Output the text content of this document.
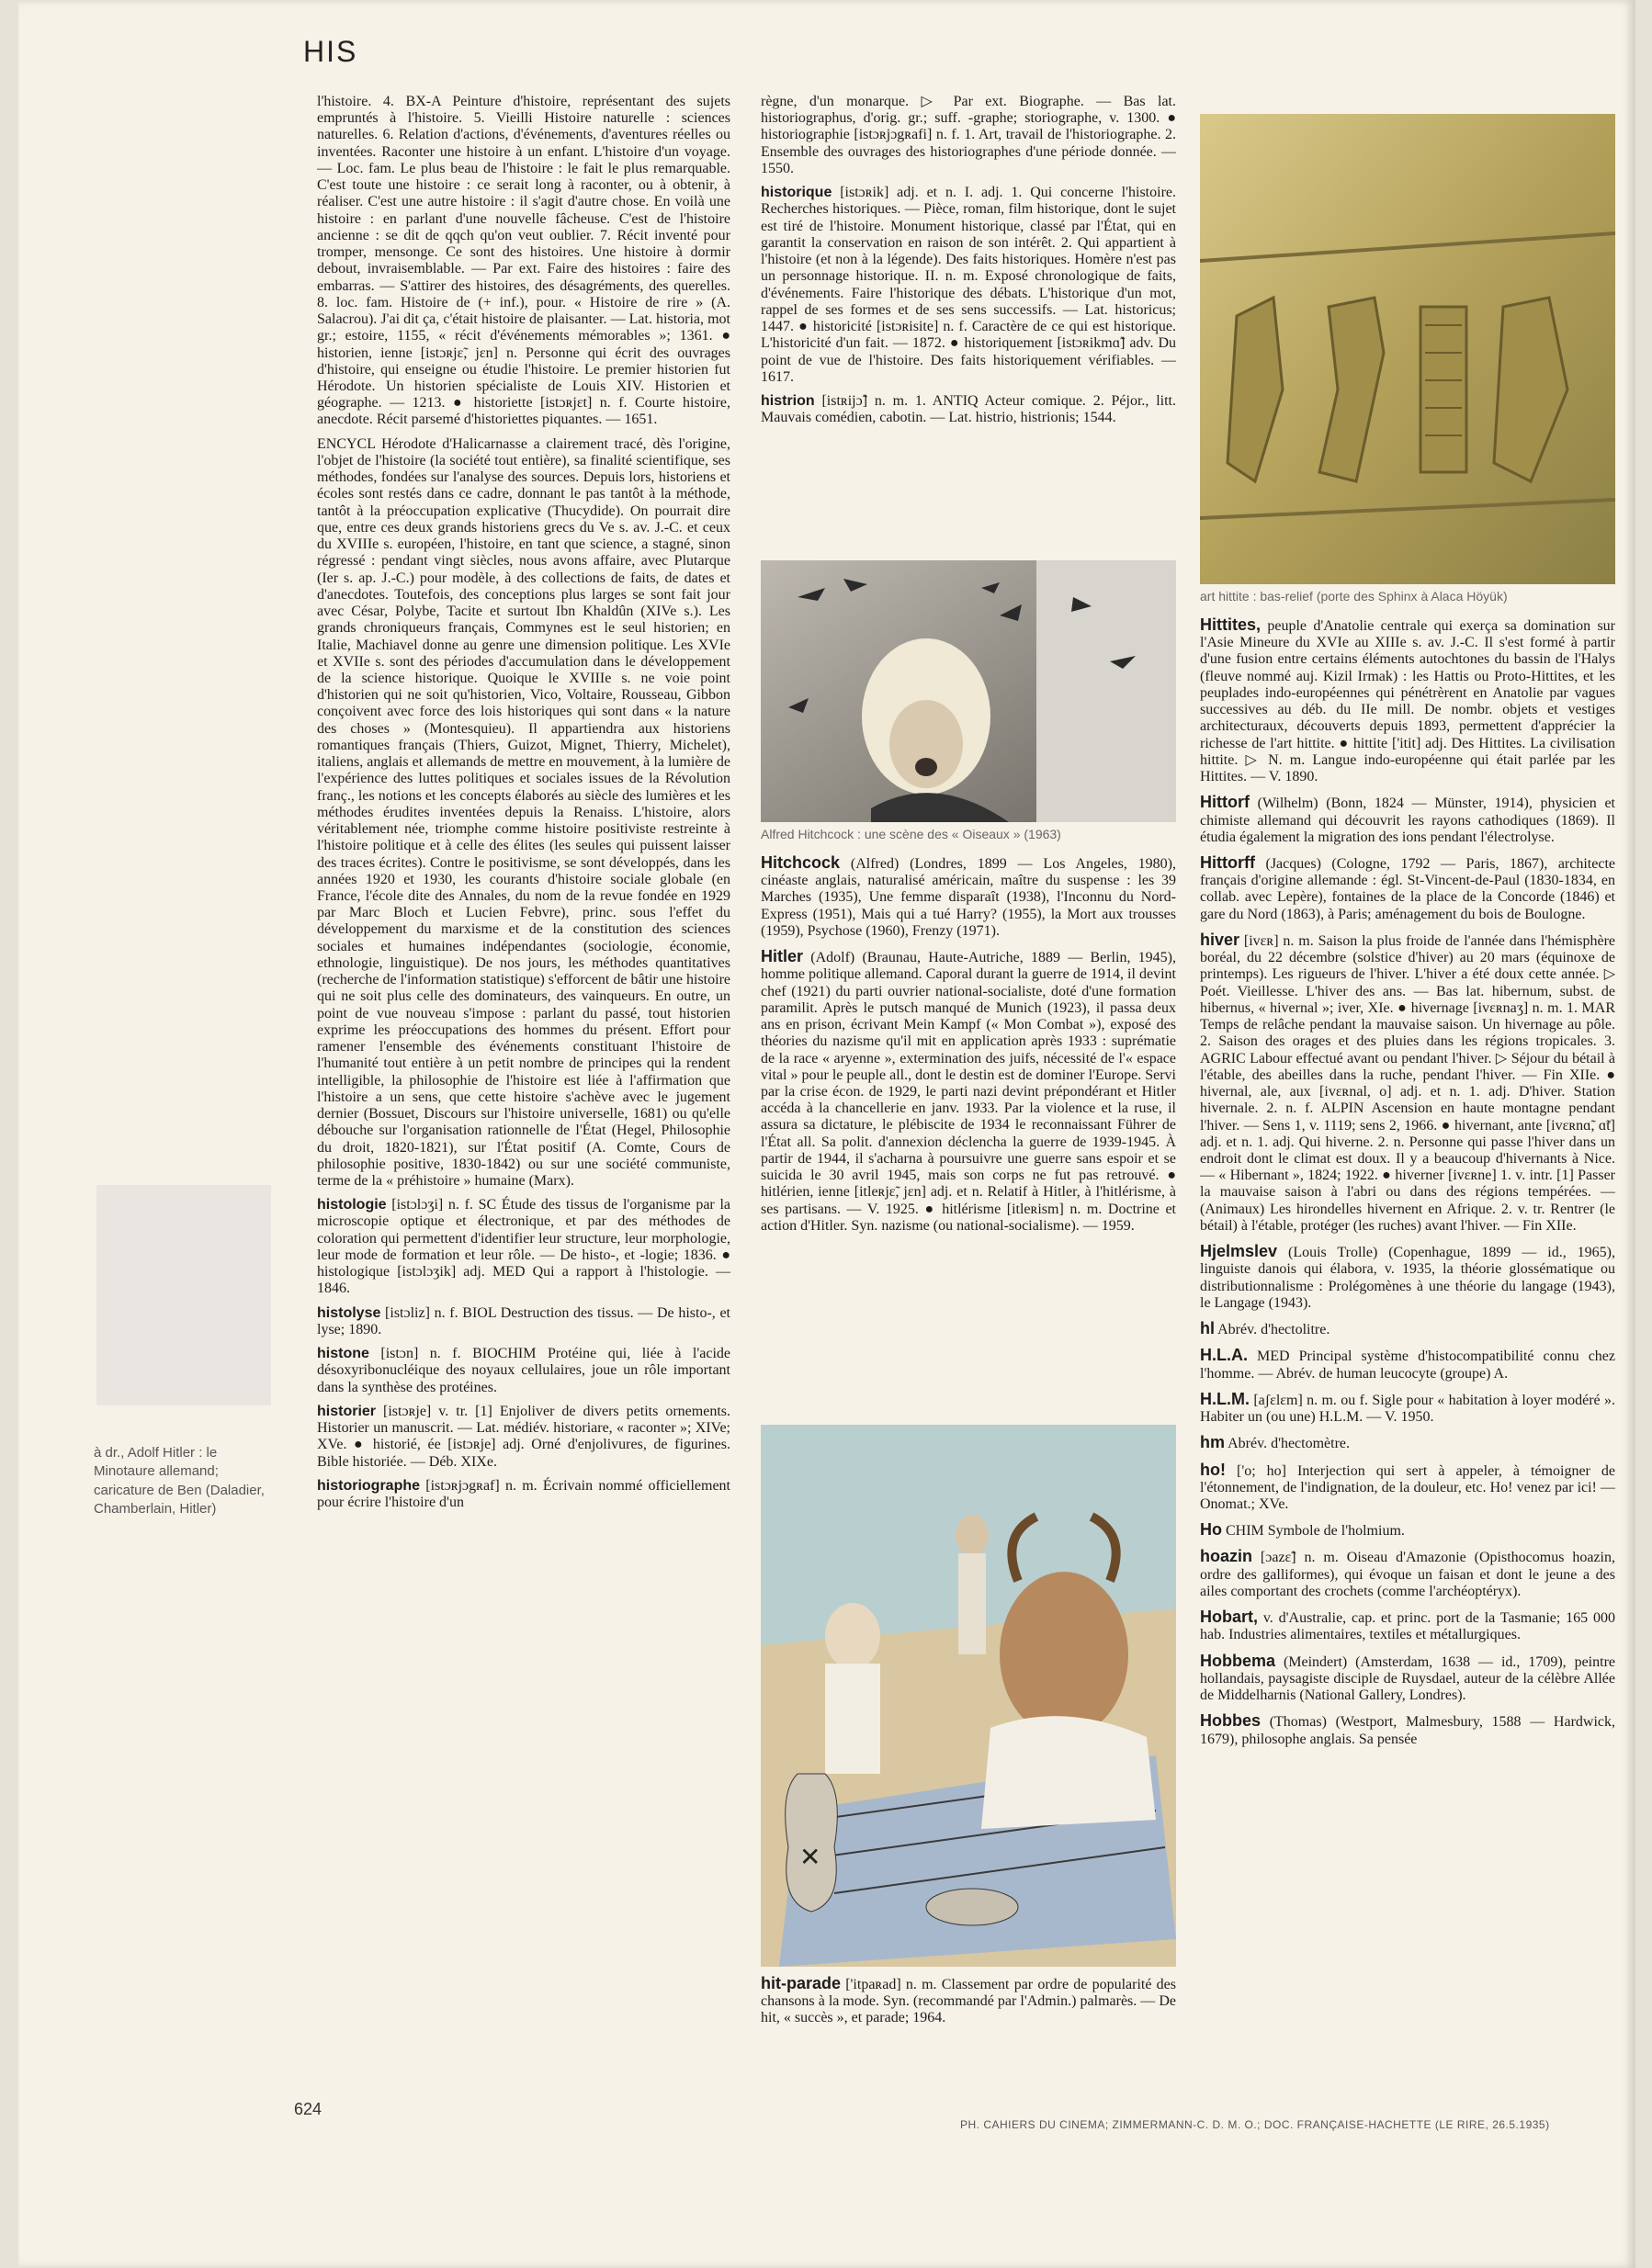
HIS
à dr., Adolf Hitler : le Minotaure allemand; caricature de Ben (Daladier, Chamberlain, Hitler)

l'histoire. 4. BX-A Peinture d'histoire, représentant des sujets empruntés à l'histoire. 5. Vieilli Histoire naturelle : sciences naturelles. 6. Relation d'actions, d'événements, d'aventures réelles ou inventées. Raconter une histoire à un enfant. L'histoire d'un voyage. — Loc. fam. Le plus beau de l'histoire : le fait le plus remarquable. C'est toute une histoire : ce serait long à raconter, ou à obtenir, à réaliser. C'est une autre histoire : il s'agit d'autre chose. En voilà une histoire : en parlant d'une nouvelle fâcheuse. C'est de l'histoire ancienne : se dit de qqch qu'on veut oublier. 7. Récit inventé pour tromper, mensonge. Ce sont des histoires. Une histoire à dormir debout, invraisemblable. — Par ext. Faire des histoires : faire des embarras. — S'attirer des histoires, des désagréments, des querelles. 8. loc. fam. Histoire de (+ inf.), pour. « Histoire de rire » (A. Salacrou). J'ai dit ça, c'était histoire de plaisanter. — Lat. historia, mot gr.; estoire, 1155, « récit d'événements mémorables »; 1361. ● historien, ienne [istɔʀjɛ̃, jɛn] n. Personne qui écrit des ouvrages d'histoire, qui enseigne ou étudie l'histoire. Le premier historien fut Hérodote. Un historien spécialiste de Louis XIV. Historien et géographe. — 1213. ● historiette [istɔʀjɛt] n. f. Courte histoire, anecdote. Récit parsemé d'historiettes piquantes. — 1651.

ENCYCL Hérodote d'Halicarnasse a clairement tracé, dès l'origine, l'objet de l'histoire (la société tout entière), sa finalité scientifique, ses méthodes, fondées sur l'analyse des sources. Depuis lors, historiens et écoles sont restés dans ce cadre, donnant le pas tantôt à la méthode, tantôt à la préoccupation explicative (Thucydide). On pourrait dire que, entre ces deux grands historiens grecs du Ve s. av. J.-C. et ceux du XVIIIe s. européen, l'histoire, en tant que science, a stagné, sinon régressé : pendant vingt siècles, nous avons affaire, avec Plutarque (Ier s. ap. J.-C.) pour modèle, à des collections de faits, de dates et d'anecdotes. Toutefois, des conceptions plus larges se sont fait jour avec César, Polybe, Tacite et surtout Ibn Khaldûn (XIVe s.). Les grands chroniqueurs français, Commynes est le seul historien; en Italie, Machiavel donne au genre une dimension politique. Les XVIe et XVIIe s. sont des périodes d'accumulation dans le développement de la science historique. Quoique le XVIIIe s. ne voie point d'historien qui ne soit qu'historien, Vico, Voltaire, Rousseau, Gibbon conçoivent avec force des lois historiques qui sont dans « la nature des choses » (Montesquieu). Il appartiendra aux historiens romantiques français (Thiers, Guizot, Mignet, Thierry, Michelet), italiens, anglais et allemands de mettre en mouvement, à la lumière de l'expérience des luttes politiques et sociales issues de la Révolution franç., les notions et les concepts élaborés au siècle des lumières et les méthodes érudites inventées depuis la Renaiss. L'histoire, alors véritablement née, triomphe comme histoire positiviste restreinte à l'histoire politique et à celle des élites (les seules qui puissent laisser des traces écrites). Contre le positivisme, se sont développés, dans les années 1920 et 1930, les courants d'histoire sociale globale (en France, l'école dite des Annales, du nom de la revue fondée en 1929 par Marc Bloch et Lucien Febvre), princ. sous l'effet du développement du marxisme et de la constitution des sciences sociales et humaines indépendantes (sociologie, économie, ethnologie, linguistique). De nos jours, les méthodes quantitatives (recherche de l'information statistique) s'efforcent de bâtir une histoire qui ne soit plus celle des dominateurs, des vainqueurs. En outre, un point de vue nouveau s'impose : parlant du passé, tout historien exprime les préoccupations des hommes du présent. Effort pour ramener l'ensemble des événements constituant l'histoire de l'humanité tout entière à un petit nombre de principes qui la rendent intelligible, la philosophie de l'histoire est liée à l'affirmation que l'histoire a un sens, que cette histoire s'achève avec le jugement dernier (Bossuet, Discours sur l'histoire universelle, 1681) ou qu'elle débouche sur l'organisation rationnelle de l'État (Hegel, Philosophie du droit, 1820-1821), sur l'État positif (A. Comte, Cours de philosophie positive, 1830-1842) ou sur une société communiste, terme de la « préhistoire » humaine (Marx).

histologie [istɔlɔʒi] n. f. SC Étude des tissus de l'organisme par la microscopie optique et électronique, et par des méthodes de coloration qui permettent d'identifier leur structure, leur morphologie, leur mode de formation et leur rôle. — De histo-, et -logie; 1836. ● histologique [istɔlɔʒik] adj. MED Qui a rapport à l'histologie. — 1846.

histolyse [istɔliz] n. f. BIOL Destruction des tissus. — De histo-, et lyse; 1890.

histone [istɔn] n. f. BIOCHIM Protéine qui, liée à l'acide désoxyribonucléique des noyaux cellulaires, joue un rôle important dans la synthèse des protéines.

historier [istɔʀje] v. tr. [1] Enjoliver de divers petits ornements. Historier un manuscrit. — Lat. médiév. historiare, « raconter »; XIVe; XVe. ● historié, ée [istɔʀje] adj. Orné d'enjolivures, de figurines. Bible historiée. — Déb. XIXe.

historiographe [istɔʀjɔgʀaf] n. m. Écrivain nommé officiellement pour écrire l'histoire d'un

règne, d'un monarque. ▷ Par ext. Biographe. — Bas lat. historiographus, d'orig. gr.; suff. -graphe; storiographe, v. 1300. ● historiographie [istɔʀjɔgʀafi] n. f. 1. Art, travail de l'historiographe. 2. Ensemble des ouvrages des historiographes d'une période donnée. — 1550.

historique [istɔʀik] adj. et n. I. adj. 1. Qui concerne l'histoire. Recherches historiques. — Pièce, roman, film historique, dont le sujet est tiré de l'histoire. Monument historique, classé par l'État, qui en garantit la conservation en raison de son intérêt. 2. Qui appartient à l'histoire (et non à la légende). Des faits historiques. Homère n'est pas un personnage historique. II. n. m. Exposé chronologique de faits, d'événements. Faire l'historique des débats. L'historique d'un mot, rappel de ses formes et de ses sens successifs. — Lat. historicus; 1447. ● historicité [istɔʀisite] n. f. Caractère de ce qui est historique. L'historicité d'un fait. — 1872. ● historiquement [istɔʀikmɑ̃] adv. Du point de vue de l'histoire. Des faits historiquement vérifiables. — 1617.

histrion [istʀijɔ̃] n. m. 1. ANTIQ Acteur comique. 2. Péjor., litt. Mauvais comédien, cabotin. — Lat. histrio, histrionis; 1544.

Alfred Hitchcock : une scène des « Oiseaux » (1963)

Hitchcock (Alfred) (Londres, 1899 — Los Angeles, 1980), cinéaste anglais, naturalisé américain, maître du suspense : les 39 Marches (1935), Une femme disparaît (1938), l'Inconnu du Nord-Express (1951), Mais qui a tué Harry? (1955), la Mort aux trousses (1959), Psychose (1960), Frenzy (1971).

Hitler (Adolf) (Braunau, Haute-Autriche, 1889 — Berlin, 1945), homme politique allemand. Caporal durant la guerre de 1914, il devint chef (1921) du parti ouvrier national-socialiste, doté d'une formation paramilit. Après le putsch manqué de Munich (1923), il passa deux ans en prison, écrivant Mein Kampf (« Mon Combat »), exposé des théories du nazisme qu'il mit en application après 1933 : suprématie de la race « aryenne », extermination des juifs, nécessité de l'« espace vital » pour le peuple all., dont le destin est de dominer l'Europe. Servi par la crise écon. de 1929, le parti nazi devint prépondérant et Hitler accéda à la chancellerie en janv. 1933. Par la violence et la ruse, il assura sa dictature, le plébiscite de 1934 le reconnaissant Führer de l'État all. Sa polit. d'annexion déclencha la guerre de 1939-1945. À partir de 1944, il s'acharna à poursuivre une guerre sans espoir et se suicida le 30 avril 1945, mais son corps ne fut pas retrouvé. ● hitlérien, ienne [itleʀjɛ̃, jɛn] adj. et n. Relatif à Hitler, à l'hitlérisme, à ses partisans. — V. 1925. ● hitlérisme [itleʀism] n. m. Doctrine et action d'Hitler. Syn. nazisme (ou national-socialisme). — 1959.

✕

hit-parade ['itpaʀad] n. m. Classement par ordre de popularité des chansons à la mode. Syn. (recommandé par l'Admin.) palmarès. — De hit, « succès », et parade; 1964.

art hittite : bas-relief (porte des Sphinx à Alaca Höyük)

Hittites, peuple d'Anatolie centrale qui exerça sa domination sur l'Asie Mineure du XVIe au XIIIe s. av. J.-C. Il s'est formé à partir d'une fusion entre certains éléments autochtones du bassin de l'Halys (fleuve nommé auj. Kizil Irmak) : les Hattis ou Proto-Hittites, et les peuplades indo-européennes qui pénétrèrent en Anatolie par vagues successives au déb. du IIe mill. De nombr. objets et vestiges architecturaux, découverts depuis 1893, permettent d'apprécier la richesse de l'art hittite. ● hittite ['itit] adj. Des Hittites. La civilisation hittite. ▷ N. m. Langue indo-européenne qui était parlée par les Hittites. — V. 1890.

Hittorf (Wilhelm) (Bonn, 1824 — Münster, 1914), physicien et chimiste allemand qui découvrit les rayons cathodiques (1869). Il étudia également la migration des ions pendant l'électrolyse.

Hittorff (Jacques) (Cologne, 1792 — Paris, 1867), architecte français d'origine allemande : égl. St-Vincent-de-Paul (1830-1834, en collab. avec Lepère), fontaines de la place de la Concorde (1846) et gare du Nord (1863), à Paris; aménagement du bois de Boulogne.

hiver [ivɛʀ] n. m. Saison la plus froide de l'année dans l'hémisphère boréal, du 22 décembre (solstice d'hiver) au 20 mars (équinoxe de printemps). Les rigueurs de l'hiver. L'hiver a été doux cette année. ▷ Poét. Vieillesse. L'hiver des ans. — Bas lat. hibernum, subst. de hibernus, « hivernal »; iver, XIe. ● hivernage [ivɛʀnaʒ] n. m. 1. MAR Temps de relâche pendant la mauvaise saison. Un hivernage au pôle. 2. Saison des orages et des pluies dans les régions tropicales. 3. AGRIC Labour effectué avant ou pendant l'hiver. ▷ Séjour du bétail à l'étable, des abeilles dans la ruche, pendant l'hiver. — Fin XIIe. ● hivernal, ale, aux [ivɛʀnal, o] adj. et n. 1. adj. D'hiver. Station hivernale. 2. n. f. ALPIN Ascension en haute montagne pendant l'hiver. — Sens 1, v. 1119; sens 2, 1966. ● hivernant, ante [ivɛʀnɑ̃, ɑ̃t] adj. et n. 1. adj. Qui hiverne. 2. n. Personne qui passe l'hiver dans un endroit dont le climat est doux. Il y a beaucoup d'hivernants à Nice. — « Hibernant », 1824; 1922. ● hiverner [ivɛʀne] 1. v. intr. [1] Passer la mauvaise saison à l'abri ou dans des régions tempérées. — (Animaux) Les hirondelles hivernent en Afrique. 2. v. tr. Rentrer (le bétail) à l'étable, protéger (les ruches) avant l'hiver. — Fin XIIe.

Hjelmslev (Louis Trolle) (Copenhague, 1899 — id., 1965), linguiste danois qui élabora, v. 1935, la théorie glossématique ou distributionnalisme : Prolégomènes à une théorie du langage (1943), le Langage (1943).

hl Abrév. d'hectolitre.

H.L.A. MED Principal système d'histocompatibilité connu chez l'homme. — Abrév. de human leucocyte (groupe) A.

H.L.M. [aʃɛlɛm] n. m. ou f. Sigle pour « habitation à loyer modéré ». Habiter un (ou une) H.L.M. — V. 1950.

hm Abrév. d'hectomètre.

ho! ['o; ho] Interjection qui sert à appeler, à témoigner de l'étonnement, de l'indignation, de la douleur, etc. Ho! venez par ici! — Onomat.; XVe.

Ho CHIM Symbole de l'holmium.

hoazin [ɔazɛ̃] n. m. Oiseau d'Amazonie (Opisthocomus hoazin, ordre des galliformes), qui évoque un faisan et dont le jeune a des ailes comportant des crochets (comme l'archéoptéryx).

Hobart, v. d'Australie, cap. et princ. port de la Tasmanie; 165 000 hab. Industries alimentaires, textiles et métallurgiques.

Hobbema (Meindert) (Amsterdam, 1638 — id., 1709), peintre hollandais, paysagiste disciple de Ruysdael, auteur de la célèbre Allée de Middelharnis (National Gallery, Londres).

Hobbes (Thomas) (Westport, Malmesbury, 1588 — Hardwick, 1679), philosophe anglais. Sa pensée

624
PH. CAHIERS DU CINEMA; ZIMMERMANN-C. D. M. O.; DOC. FRANÇAISE-HACHETTE (LE RIRE, 26.5.1935)
